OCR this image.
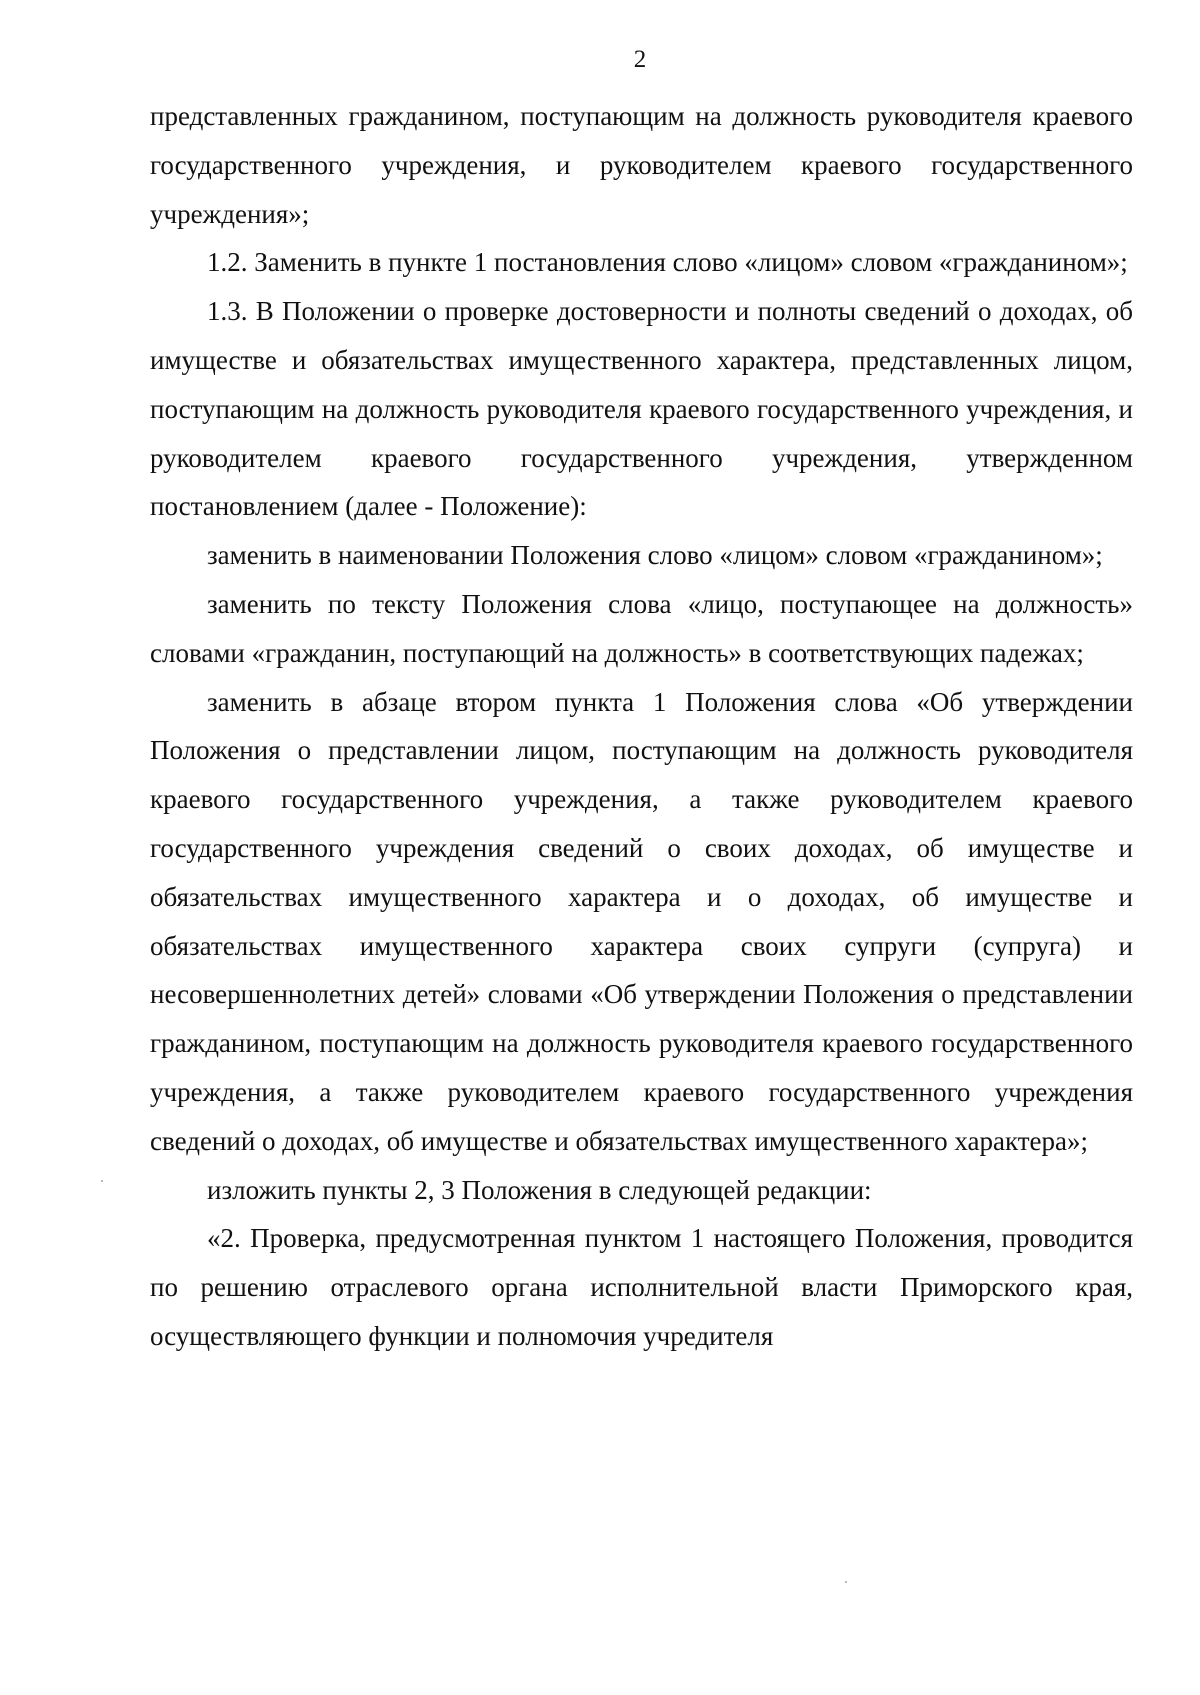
2

представленных гражданином, поступающим на должность руководителя краевого государственного учреждения, и руководителем краевого государственного учреждения»;

1.2. Заменить в пункте 1 постановления слово «лицом» словом «гражданином»;

1.3. В Положении о проверке достоверности и полноты сведений о доходах, об имуществе и обязательствах имущественного характера, представленных лицом, поступающим на должность руководителя краевого государственного учреждения, и руководителем краевого государственного учреждения, утвержденном постановлением (далее - Положение):

заменить в наименовании Положения слово «лицом» словом «гражданином»;

заменить по тексту Положения слова «лицо, поступающее на должность» словами «гражданин, поступающий на должность» в соответствующих падежах;

заменить в абзаце втором пункта 1 Положения слова «Об утверждении Положения о представлении лицом, поступающим на должность руководителя краевого государственного учреждения, а также руководителем краевого государственного учреждения сведений о своих доходах, об имуществе и обязательствах имущественного характера и о доходах, об имуществе и обязательствах имущественного характера своих супруги (супруга) и несовершеннолетних детей» словами «Об утверждении Положения о представлении гражданином, поступающим на должность руководителя краевого государственного учреждения, а также руководителем краевого государственного учреждения сведений о доходах, об имуществе и обязательствах имущественного характера»;

изложить пункты 2, 3 Положения в следующей редакции:

«2. Проверка, предусмотренная пунктом 1 настоящего Положения, проводится по решению отраслевого органа исполнительной власти Приморского края, осуществляющего функции и полномочия учредителя
